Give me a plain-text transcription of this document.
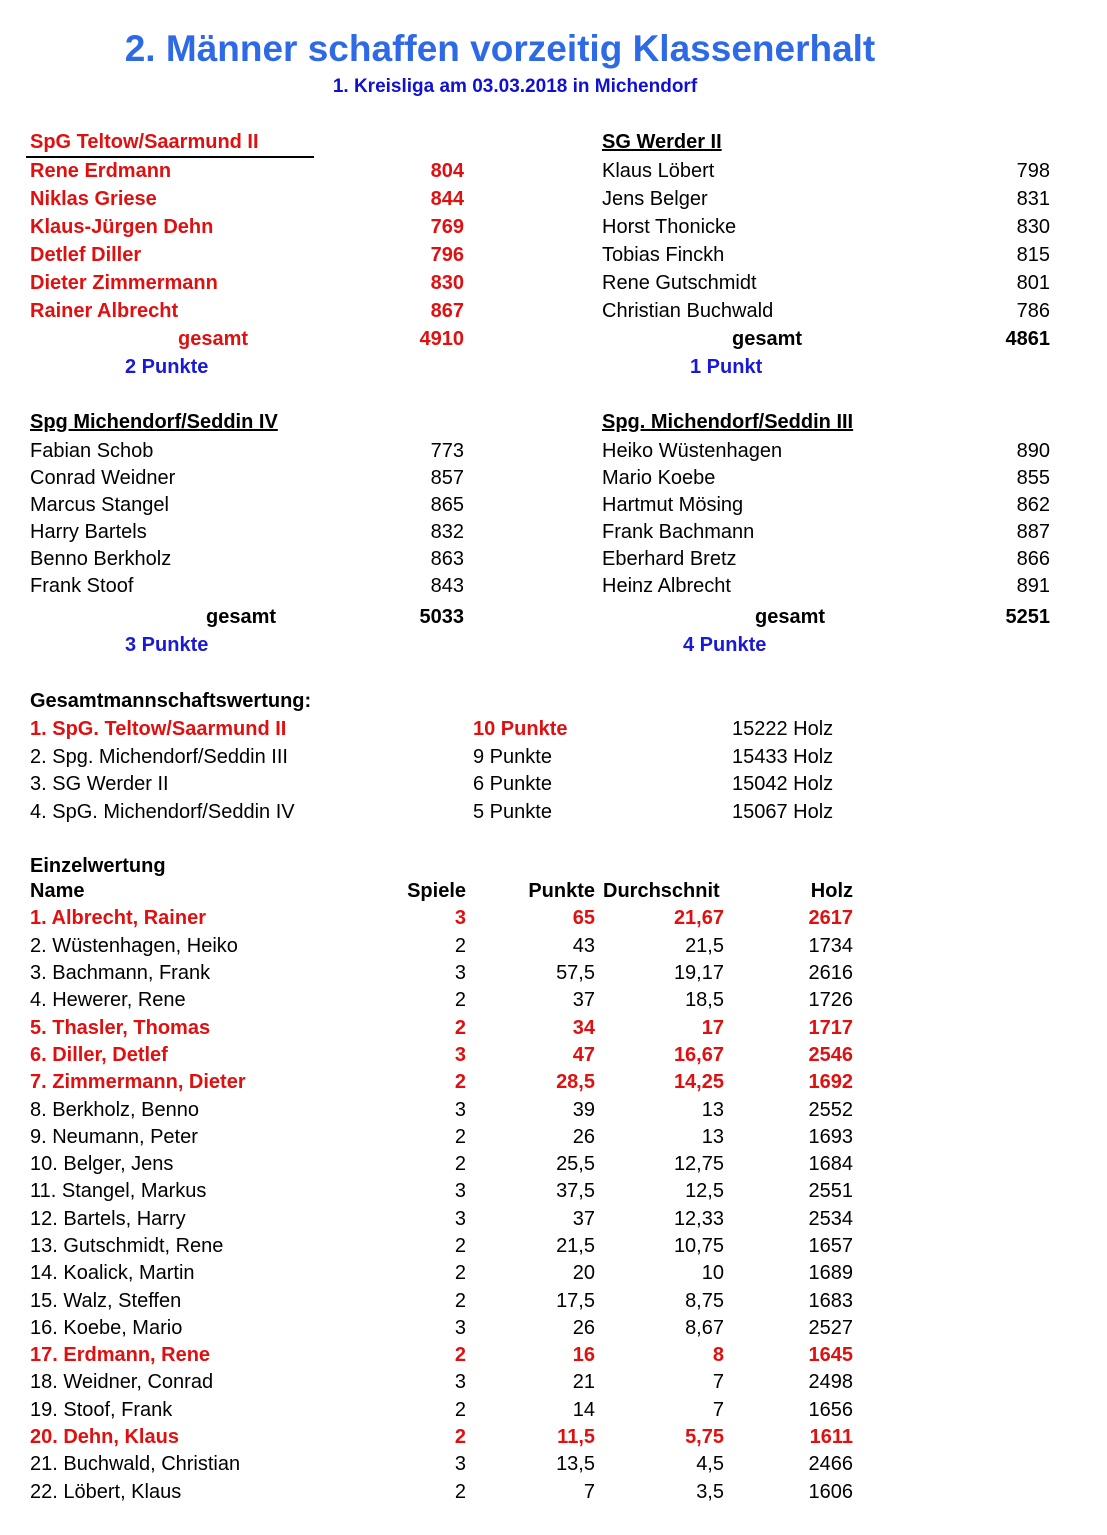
2. Männer schaffen vorzeitig Klassenerhalt
1. Kreisliga am 03.03.2018 in Michendorf
SpG Teltow/Saarmund II
Rene Erdmann	804
Niklas Griese	844
Klaus-Jürgen Dehn	769
Detlef Diller	796
Dieter Zimmermann	830
Rainer Albrecht	867
gesamt	4910
2 Punkte
SG Werder II
Klaus Löbert	798
Jens Belger	831
Horst Thonicke	830
Tobias Finckh	815
Rene Gutschmidt	801
Christian Buchwald	786
gesamt	4861
1 Punkt
Spg Michendorf/Seddin IV
Fabian Schob	773
Conrad Weidner	857
Marcus Stangel	865
Harry Bartels	832
Benno Berkholz	863
Frank Stoof	843
gesamt	5033
3 Punkte
Spg. Michendorf/Seddin III
Heiko Wüstenhagen	890
Mario Koebe	855
Hartmut Mösing	862
Frank Bachmann	887
Eberhard Bretz	866
Heinz Albrecht	891
gesamt	5251
4 Punkte
Gesamtmannschaftswertung:
1. SpG. Teltow/Saarmund II	10 Punkte	15222 Holz
2. Spg. Michendorf/Seddin III	9 Punkte	15433 Holz
3. SG Werder II	6 Punkte	15042 Holz
4. SpG. Michendorf/Seddin IV	5 Punkte	15067 Holz
Einzelwertung
Name	Spiele	Punkte	Durchschnit	Holz
1. Albrecht, Rainer	3	65	21,67	2617
2. Wüstenhagen, Heiko	2	43	21,5	1734
3. Bachmann, Frank	3	57,5	19,17	2616
4. Hewerer, Rene	2	37	18,5	1726
5. Thasler, Thomas	2	34	17	1717
6. Diller, Detlef	3	47	16,67	2546
7. Zimmermann, Dieter	2	28,5	14,25	1692
8. Berkholz, Benno	3	39	13	2552
9. Neumann, Peter	2	26	13	1693
10. Belger, Jens	2	25,5	12,75	1684
11. Stangel, Markus	3	37,5	12,5	2551
12. Bartels, Harry	3	37	12,33	2534
13. Gutschmidt, Rene	2	21,5	10,75	1657
14. Koalick, Martin	2	20	10	1689
15. Walz, Steffen	2	17,5	8,75	1683
16. Koebe, Mario	3	26	8,67	2527
17. Erdmann, Rene	2	16	8	1645
18. Weidner, Conrad	3	21	7	2498
19. Stoof, Frank	2	14	7	1656
20. Dehn, Klaus	2	11,5	5,75	1611
21. Buchwald, Christian	3	13,5	4,5	2466
22. Löbert, Klaus	2	7	3,5	1606
